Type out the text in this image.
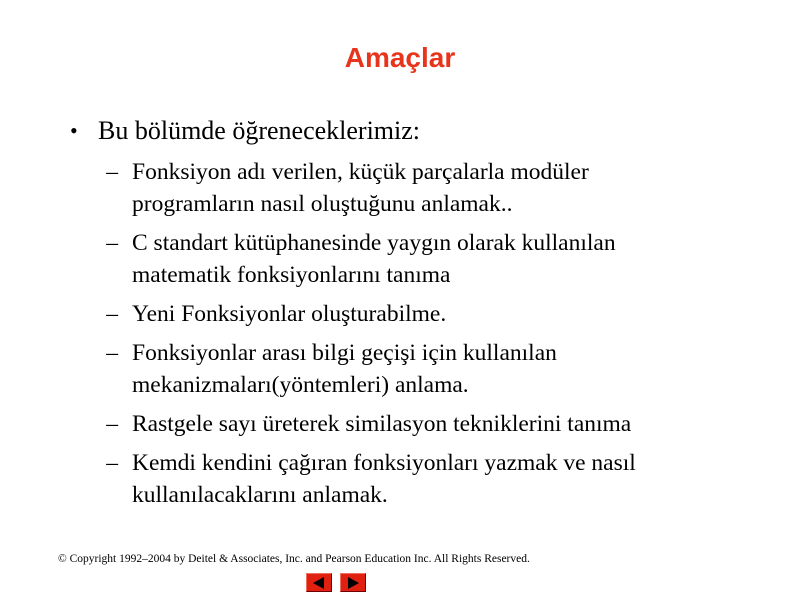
Amaçlar
• Bu bölümde öğreneceklerimiz:
– Fonksiyon adı verilen, küçük parçalarla modüler
programların nasıl oluştuğunu anlamak..
– C standart kütüphanesinde yaygın olarak kullanılan
matematik fonksiyonlarını tanıma
– Yeni Fonksiyonlar oluşturabilme.
– Fonksiyonlar arası bilgi geçişi için kullanılan
mekanizmaları(yöntemleri) anlama.
– Rastgele sayı üreterek similasyon tekniklerini tanıma
– Kemdi kendini çağıran fonksiyonları yazmak ve nasıl
kullanılacaklarını anlamak.
© Copyright 1992–2004 by Deitel & Associates, Inc. and Pearson Education Inc. All Rights Reserved.
